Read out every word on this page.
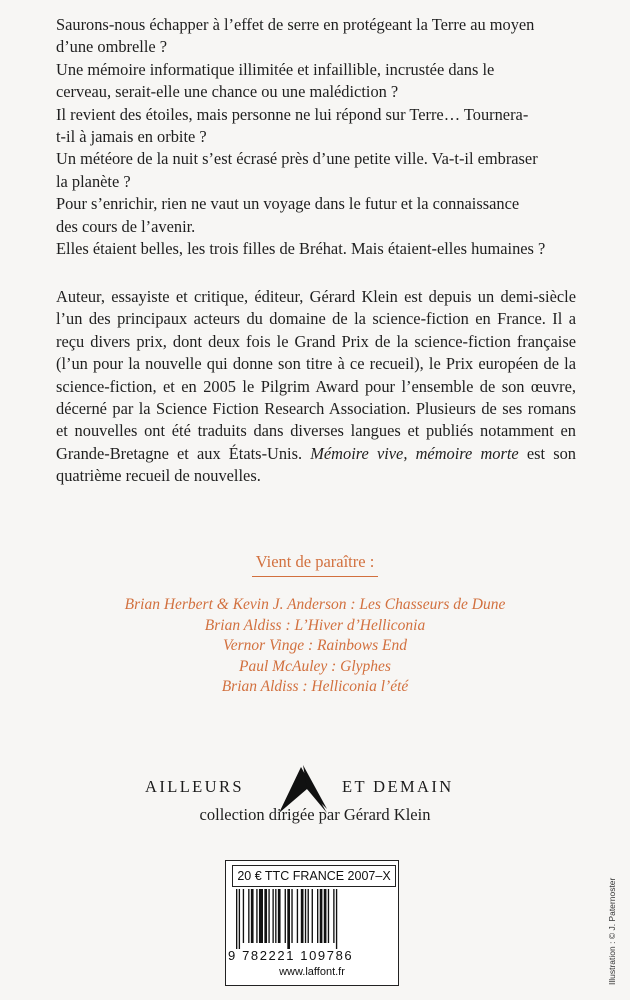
Saurons-nous échapper à l’effet de serre en protégeant la Terre au moyen
d’une ombrelle ?

Une mémoire informatique illimitée et infaillible, incrustée dans le
cerveau, serait-elle une chance ou une malédiction ?

Il revient des étoiles, mais personne ne lui répond sur Terre… Tournera-
t-il à jamais en orbite ?

Un météore de la nuit s’est écrasé près d’une petite ville. Va-t-il embraser
la planète ?

Pour s’enrichir, rien ne vaut un voyage dans le futur et la connaissance
des cours de l’avenir.

Elles étaient belles, les trois filles de Bréhat. Mais étaient-elles humaines ?

Auteur, essayiste et critique, éditeur, Gérard Klein est depuis un demi-siècle l’un des principaux acteurs du domaine de la science-fiction en France. Il a reçu divers prix, dont deux fois le Grand Prix de la science-fiction française (l’un pour la nouvelle qui donne son titre à ce recueil), le Prix européen de la science-fiction, et en 2005 le Pilgrim Award pour l’ensemble de son œuvre, décerné par la Science Fiction Research Association. Plusieurs de ses romans et nouvelles ont été traduits dans diverses langues et publiés notamment en Grande-Bretagne et aux États-Unis. Mémoire vive, mémoire morte est son quatrième recueil de nouvelles.

Vient de paraître :
Brian Herbert & Kevin J. Anderson : Les Chasseurs de Dune
Brian Aldiss : L’Hiver d’Helliconia
Vernor Vinge : Rainbows End
Paul McAuley : Glyphes
Brian Aldiss : Helliconia l’été
AILLEURS	ET DEMAIN
collection dirigée par Gérard Klein
20 € TTC FRANCE 2007–X
9 782221 109786
www.laffont.fr	Illustration : © J. Paternoster
